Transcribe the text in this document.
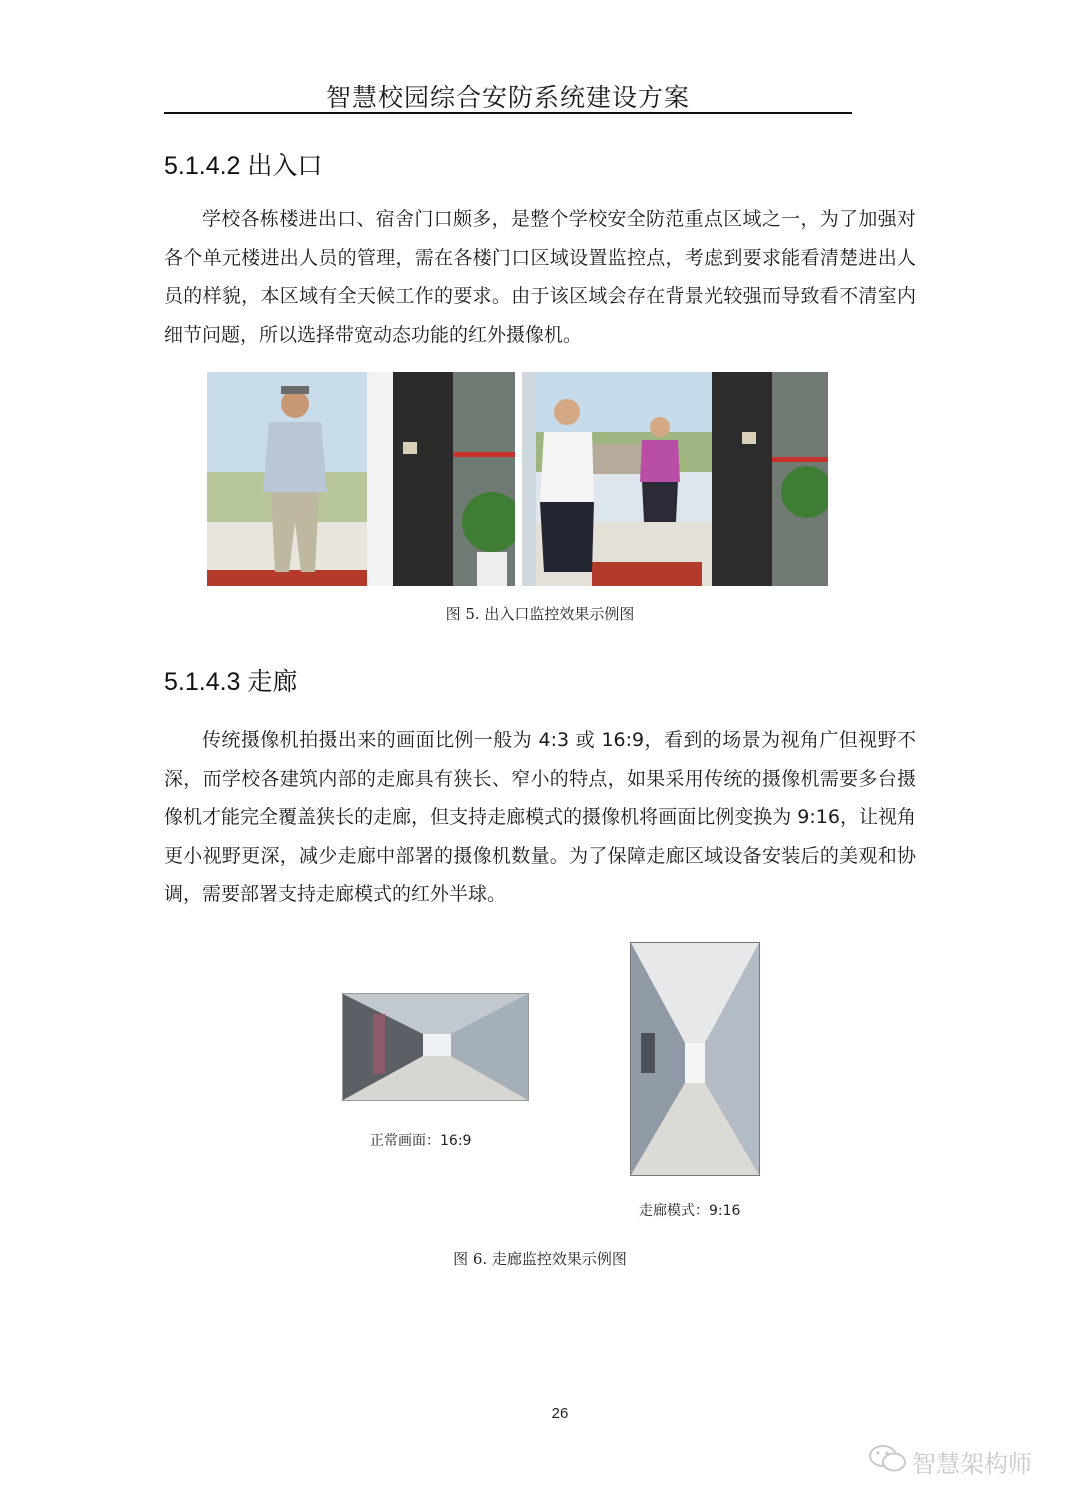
智慧校园综合安防系统建设方案
5.1.4.2 出入口
学校各栋楼进出口、宿舍门口颇多，是整个学校安全防范重点区域之一，为了加强对各个单元楼进出人员的管理，需在各楼门口区域设置监控点，考虑到要求能看清楚进出人员的样貌，本区域有全天候工作的要求。由于该区域会存在背景光较强而导致看不清室内细节问题，所以选择带宽动态功能的红外摄像机。
图 5. 出入口监控效果示例图
5.1.4.3 走廊
传统摄像机拍摄出来的画面比例一般为 4:3 或 16:9，看到的场景为视角广但视野不深，而学校各建筑内部的走廊具有狭长、窄小的特点，如果采用传统的摄像机需要多台摄像机才能完全覆盖狭长的走廊，但支持走廊模式的摄像机将画面比例变换为 9:16，让视角更小视野更深，减少走廊中部署的摄像机数量。为了保障走廊区域设备安装后的美观和协调，需要部署支持走廊模式的红外半球。
正常画面：16:9
走廊模式：9:16
图 6. 走廊监控效果示例图
26
智慧架构师
